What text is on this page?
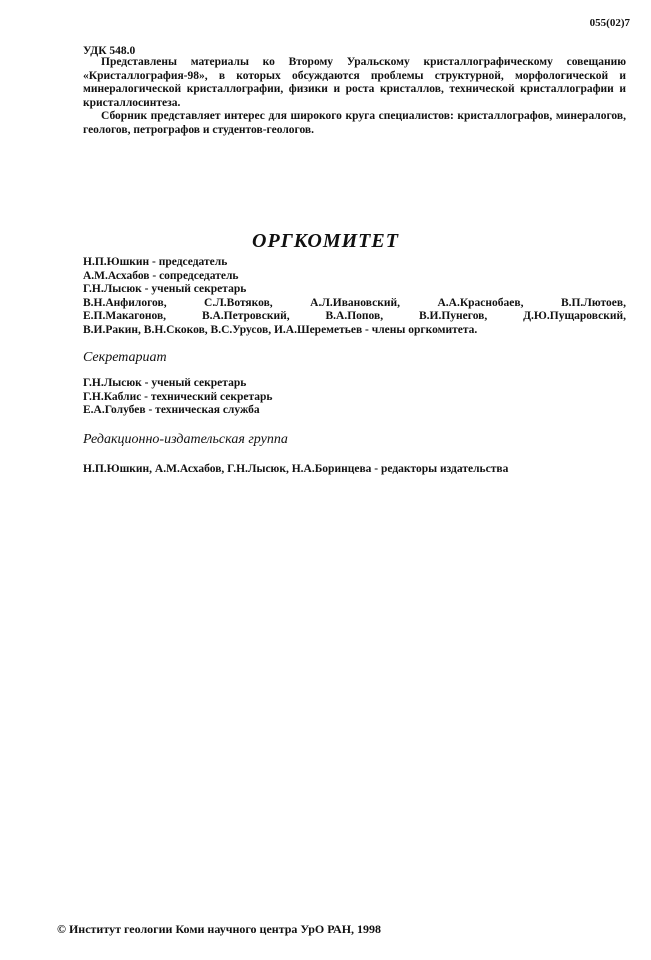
055(02)7
УДК 548.0

Представлены материалы ко Второму Уральскому кристаллографическому совещанию «Кристаллография-98», в которых обсуждаются проблемы структурной, морфологической и минералогической кристаллографии, физики и роста кристаллов, технической кристаллографии и кристаллосинтеза.

Сборник представляет интерес для широкого круга специалистов: кристаллографов, минералогов, геологов, петрографов и студентов-геологов.

ОРГКОМИТЕТ
Н.П.Юшкин - председатель
А.М.Асхабов - сопредседатель
Г.Н.Лысюк - ученый секретарь
В.Н.Анфилогов,	С.Л.Вотяков,	А.Л.Ивановский,	А.А.Краснобаев,	В.П.Лютоев,
Е.П.Макагонов,	В.А.Петровский,	В.А.Попов,	В.И.Пунегов,	Д.Ю.Пущаровский,
В.И.Ракин, В.Н.Скоков, В.С.Урусов, И.А.Шереметьев - члены оргкомитета.
Секретариат
Г.Н.Лысюк - ученый секретарь
Г.Н.Каблис - технический секретарь
Е.А.Голубев - техническая служба
Редакционно-издательская группа
Н.П.Юшкин, А.М.Асхабов, Г.Н.Лысюк, Н.А.Боринцева - редакторы издательства
© Институт геологии Коми научного центра УрО РАН, 1998
